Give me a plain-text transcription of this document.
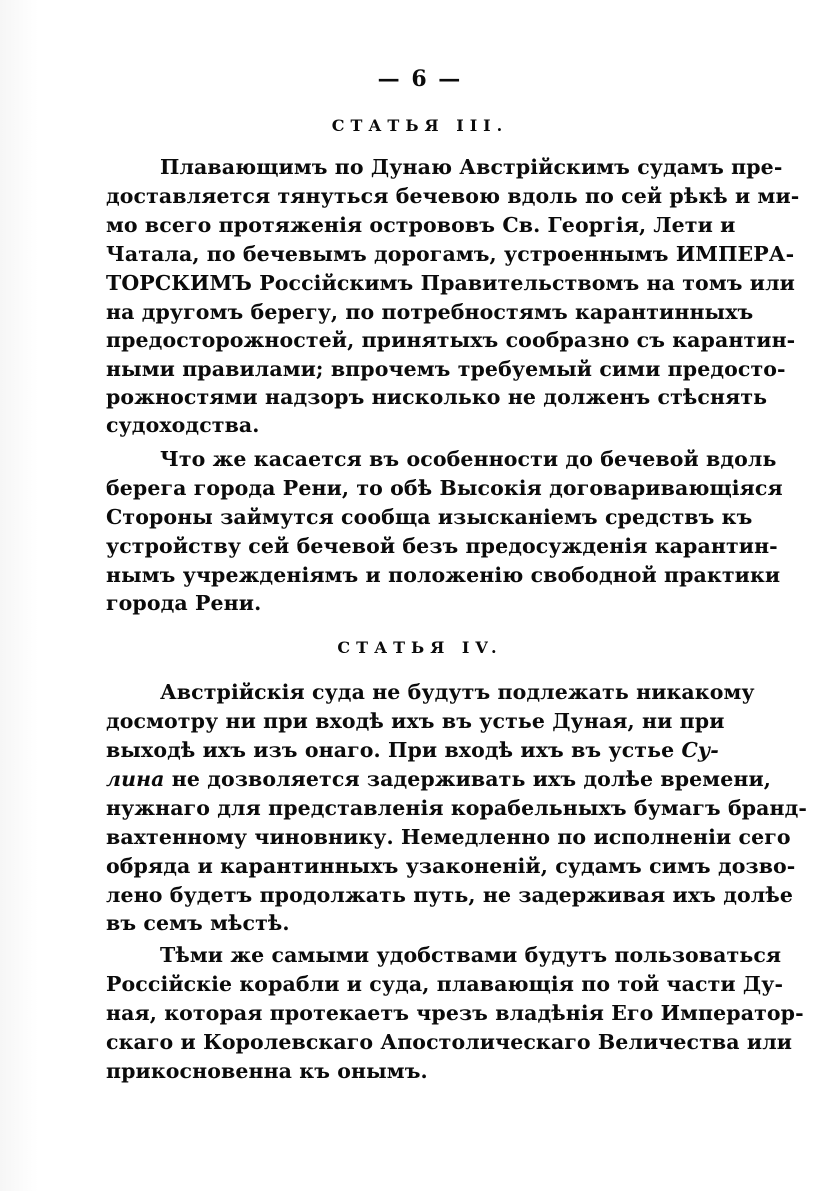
— 6 —
СТАТЬЯ III.
Плавающимъ по Дунаю Австрійскимъ судамъ пре-
доставляется тянуться бечевою вдоль по сей рѣкѣ и ми-
мо всего протяженія острововъ Св. Георгія, Лети и
Чатала, по бечевымъ дорогамъ, устроеннымъ ИМПЕРА-
ТОРСКИМЪ Россійскимъ Правительствомъ на томъ или
на другомъ берегу, по потребностямъ карантинныхъ
предосторожностей, принятыхъ сообразно съ карантин-
ными правилами; впрочемъ требуемый сими предосто-
рожностями надзоръ нисколько не долженъ стѣснять
судоходства.
Что же касается въ особенности до бечевой вдоль
берега города Рени, то обѣ Высокія договаривающіяся
Стороны займутся сообща изысканіемъ средствъ къ
устройству сей бечевой безъ предосужденія карантин-
нымъ учрежденіямъ и положенію свободной практики
города Рени.
СТАТЬЯ IV.
Австрійскія суда не будутъ подлежать никакому
досмотру ни при входѣ ихъ въ устье Дуная, ни при
выходѣ ихъ изъ онаго. При входѣ ихъ въ устье Су-
лина не дозволяется задерживать ихъ долѣе времени,
нужнаго для представленія корабельныхъ бумагъ бранд-
вахтенному чиновнику. Немедленно по исполненіи сего
обряда и карантинныхъ узаконеній, судамъ симъ дозво-
лено будетъ продолжать путь, не задерживая ихъ долѣе
въ семъ мѣстѣ.
Тѣми же самыми удобствами будутъ пользоваться
Россійскіе корабли и суда, плавающія по той части Ду-
ная, которая протекаетъ чрезъ владѣнія Его Император-
скаго и Королевскаго Апостолическаго Величества или
прикосновенна къ онымъ.
